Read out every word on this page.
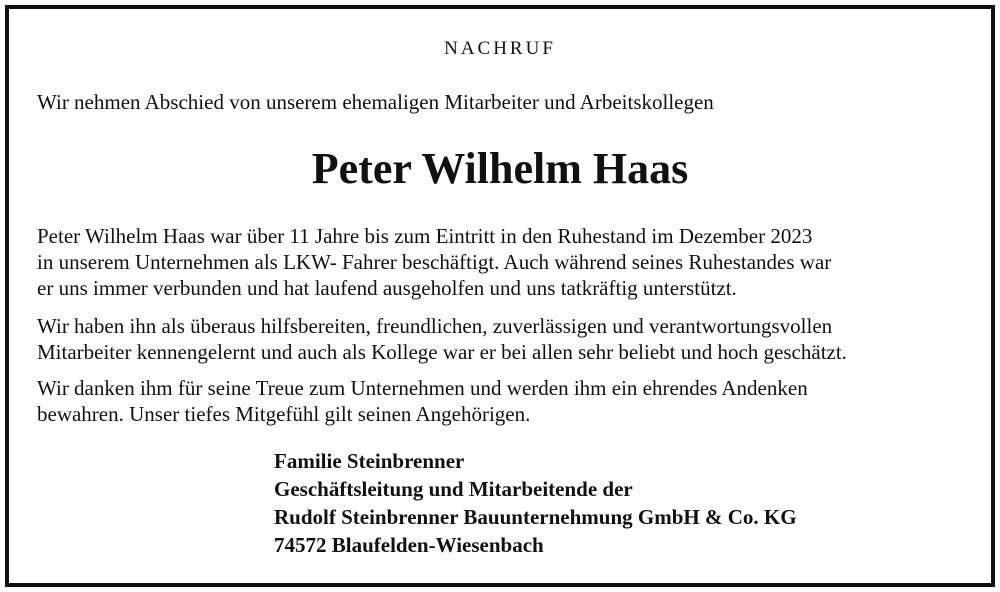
NACHRUF
Wir nehmen Abschied von unserem ehemaligen Mitarbeiter und Arbeitskollegen
Peter Wilhelm Haas
Peter Wilhelm Haas war über 11 Jahre bis zum Eintritt in den Ruhestand im Dezember 2023
in unserem Unternehmen als LKW- Fahrer beschäftigt. Auch während seines Ruhestandes war
er uns immer verbunden und hat laufend ausgeholfen und uns tatkräftig unterstützt.
Wir haben ihn als überaus hilfsbereiten, freundlichen, zuverlässigen und verantwortungsvollen
Mitarbeiter kennengelernt und auch als Kollege war er bei allen sehr beliebt und hoch geschätzt.
Wir danken ihm für seine Treue zum Unternehmen und werden ihm ein ehrendes Andenken
bewahren. Unser tiefes Mitgefühl gilt seinen Angehörigen.
Familie Steinbrenner
Geschäftsleitung und Mitarbeitende der
Rudolf Steinbrenner Bauunternehmung GmbH & Co. KG
74572 Blaufelden-Wiesenbach
